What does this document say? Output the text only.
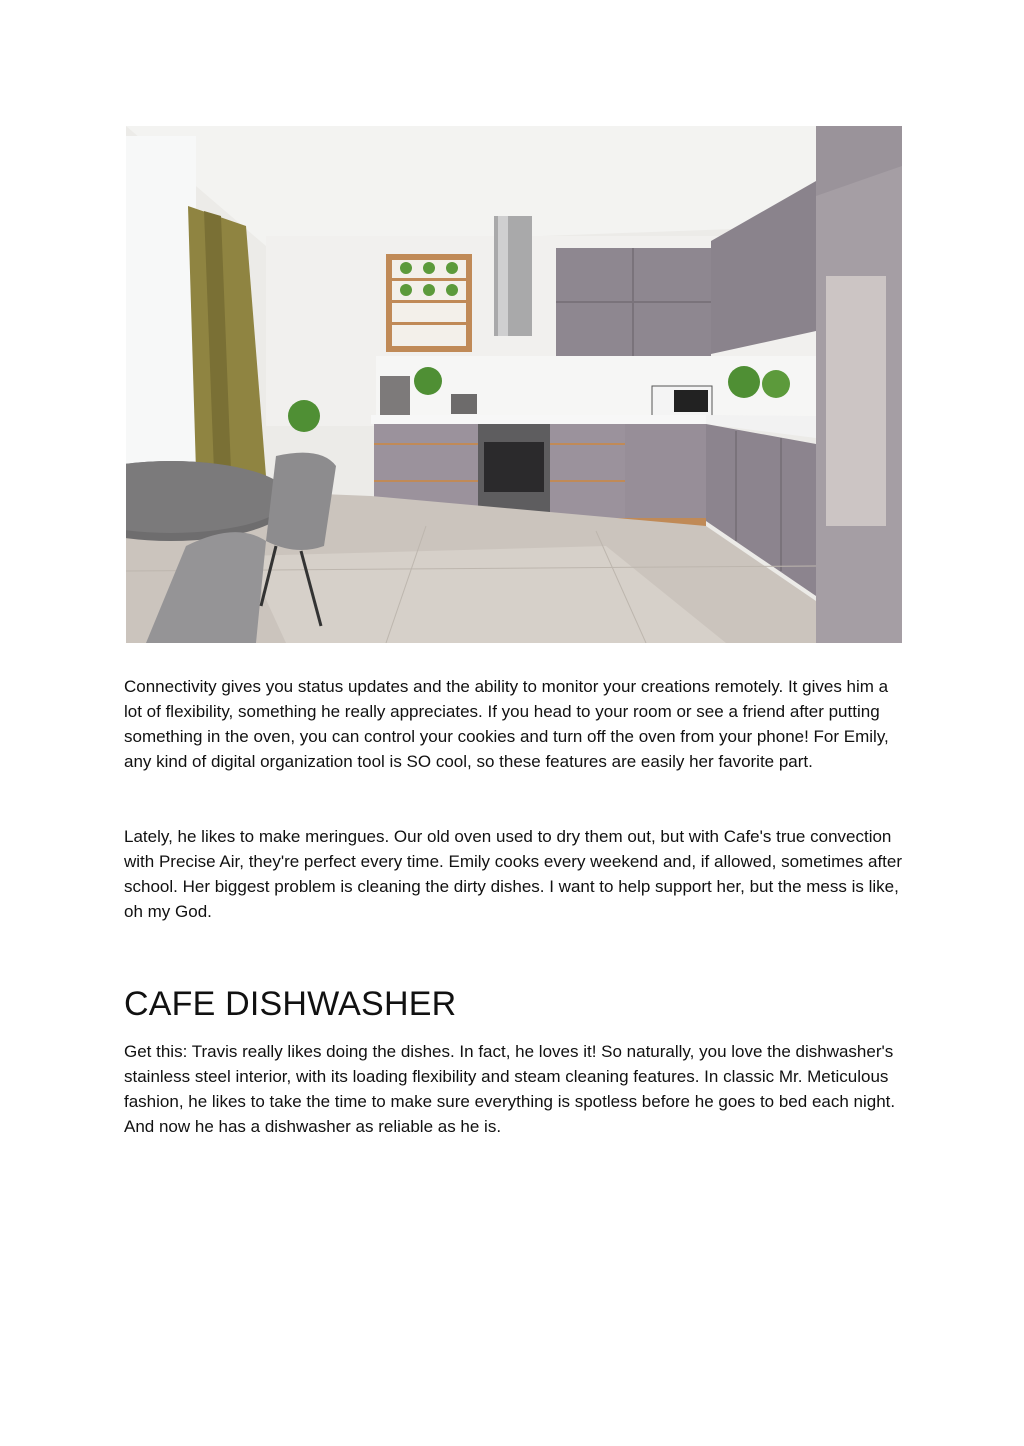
Connectivity gives you status updates and the ability to monitor your creations remotely. It gives him a lot of flexibility, something he really appreciates. If you head to your room or see a friend after putting something in the oven, you can control your cookies and turn off the oven from your phone! For Emily, any kind of digital organization tool is SO cool, so these features are easily her favorite part.

Lately, he likes to make meringues. Our old oven used to dry them out, but with Cafe's true convection with Precise Air, they're perfect every time. Emily cooks every weekend and, if allowed, sometimes after school. Her biggest problem is cleaning the dirty dishes. I want to help support her, but the mess is like, oh my God.

CAFE DISHWASHER

Get this: Travis really likes doing the dishes. In fact, he loves it! So naturally, you love the dishwasher's stainless steel interior, with its loading flexibility and steam cleaning features. In classic Mr. Meticulous fashion, he likes to take the time to make sure everything is spotless before he goes to bed each night. And now he has a dishwasher as reliable as he is.
